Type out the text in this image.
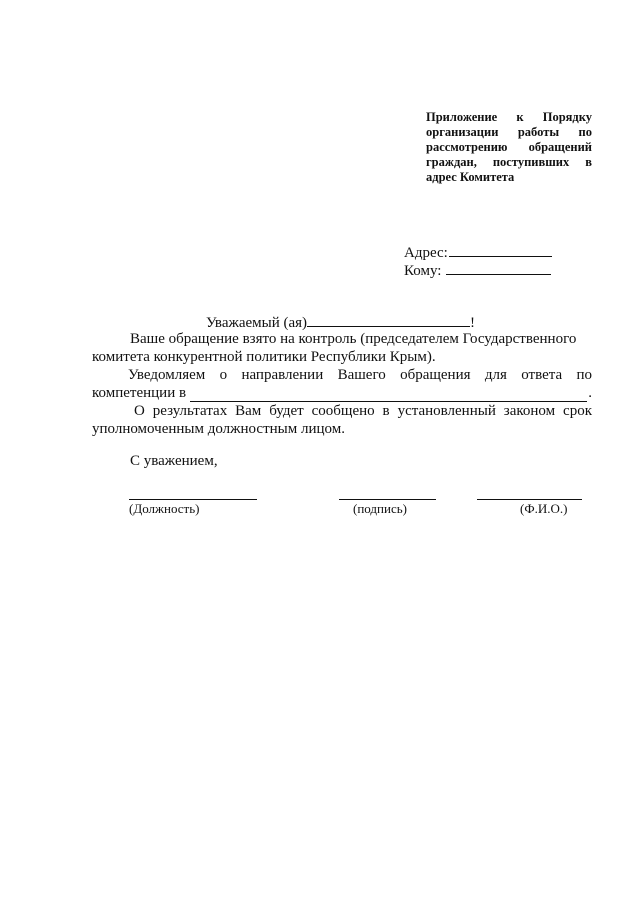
Приложение к Порядку
организации работы по
рассмотрению обращений
граждан, поступивших в
адрес Комитета
Адрес:
Кому:
Уважаемый (ая)	!
Ваше обращение взято на контроль (председателем Государственного
комитета конкурентной политики Республики Крым).
Уведомляем о направлении Вашего обращения для ответа по
компетенции в	.
О результатах Вам будет сообщено в установленный законом срок
уполномоченным должностным лицом.
С уважением,
(Должность)	(подпись)	(Ф.И.О.)
